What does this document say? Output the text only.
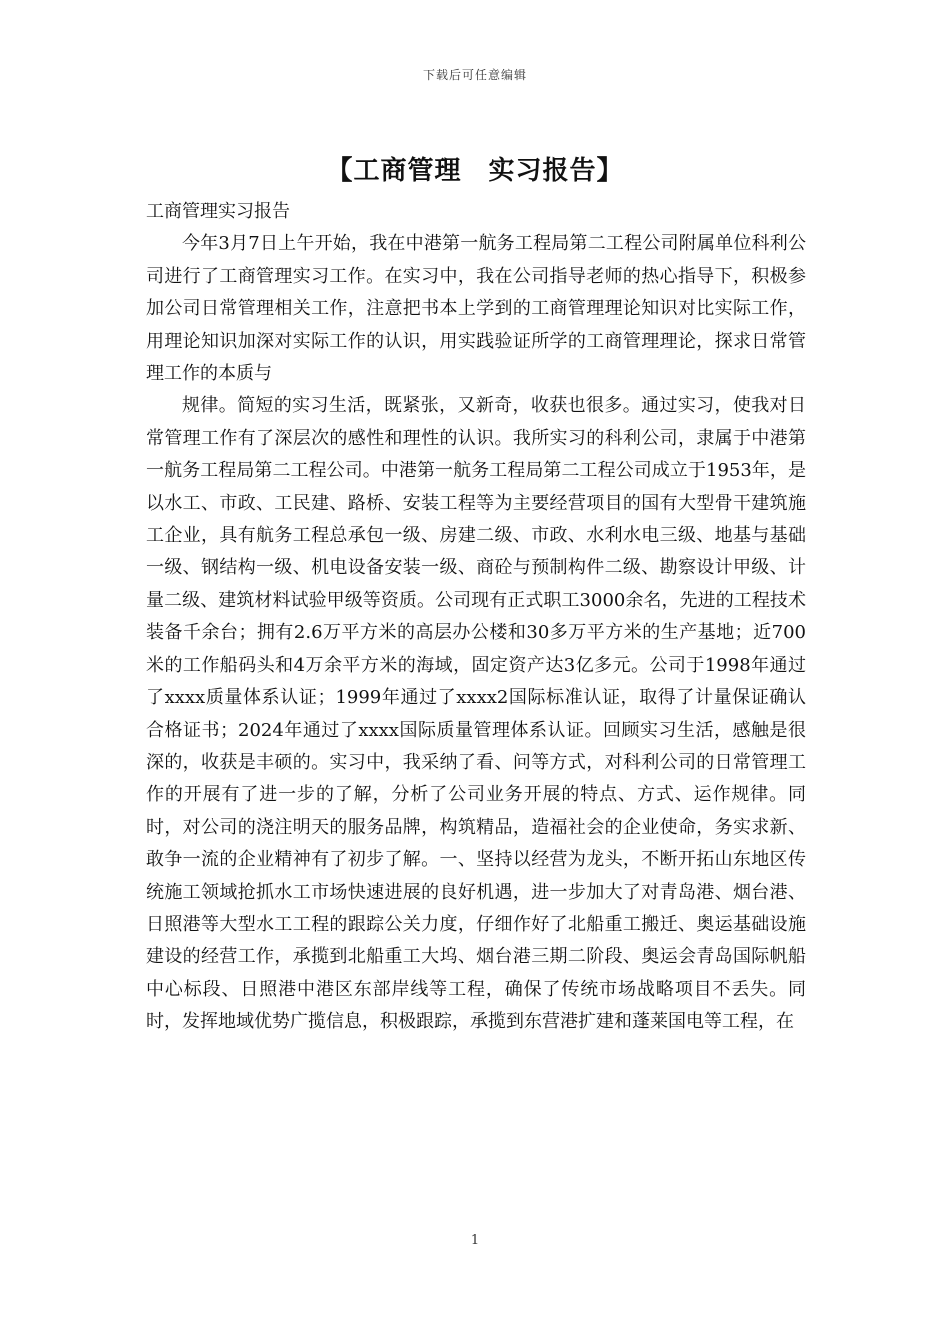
下载后可任意编辑
【工商管理　实习报告】

工商管理实习报告

今年3月7日上午开始，我在中港第一航务工程局第二工程公司附属单位科利公司进行了工商管理实习工作。在实习中，我在公司指导老师的热心指导下，积极参加公司日常管理相关工作，注意把书本上学到的工商管理理论知识对比实际工作，用理论知识加深对实际工作的认识，用实践验证所学的工商管理理论，探求日常管理工作的本质与

规律。简短的实习生活，既紧张，又新奇，收获也很多。通过实习，使我对日常管理工作有了深层次的感性和理性的认识。我所实习的科利公司，隶属于中港第一航务工程局第二工程公司。中港第一航务工程局第二工程公司成立于1953年，是以水工、市政、工民建、路桥、安装工程等为主要经营项目的国有大型骨干建筑施工企业，具有航务工程总承包一级、房建二级、市政、水利水电三级、地基与基础一级、钢结构一级、机电设备安装一级、商砼与预制构件二级、勘察设计甲级、计量二级、建筑材料试验甲级等资质。公司现有正式职工3000余名，先进的工程技术装备千余台；拥有2.6万平方米的高层办公楼和30多万平方米的生产基地；近700米的工作船码头和4万余平方米的海域，固定资产达3亿多元。公司于1998年通过了xxxx质量体系认证；1999年通过了xxxx2国际标准认证，取得了计量保证确认合格证书；2024年通过了xxxx国际质量管理体系认证。回顾实习生活，感触是很深的，收获是丰硕的。实习中，我采纳了看、问等方式，对科利公司的日常管理工作的开展有了进一步的了解，分析了公司业务开展的特点、方式、运作规律。同时，对公司的浇注明天的服务品牌，构筑精品，造福社会的企业使命，务实求新、敢争一流的企业精神有了初步了解。一、坚持以经营为龙头，不断开拓山东地区传统施工领域抢抓水工市场快速进展的良好机遇，进一步加大了对青岛港、烟台港、日照港等大型水工工程的跟踪公关力度，仔细作好了北船重工搬迁、奥运基础设施建设的经营工作，承揽到北船重工大坞、烟台港三期二阶段、奥运会青岛国际帆船中心标段、日照港中港区东部岸线等工程，确保了传统市场战略项目不丢失。同时，发挥地域优势广揽信息，积极跟踪，承揽到东营港扩建和蓬莱国电等工程，在

1
